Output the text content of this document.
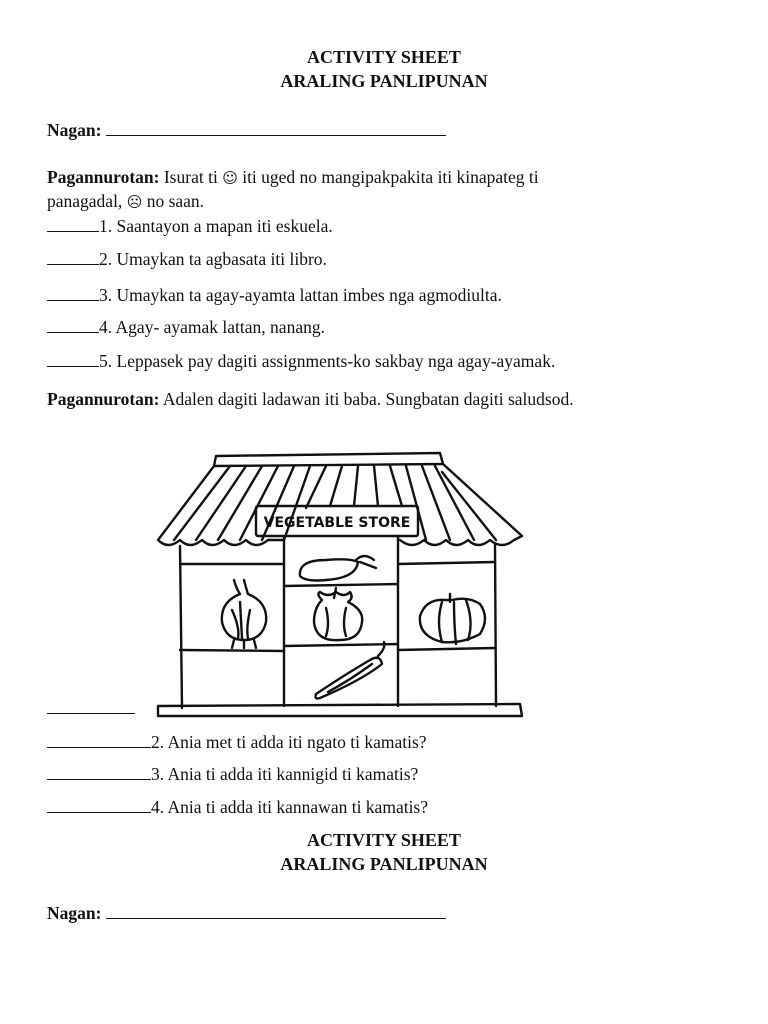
ACTIVITY SHEET
ARALING PANLIPUNAN
Nagan:
Pagannurotan: Isurat ti ☺ iti uged no mangipakpakita iti kinapateg ti
panagadal, ☹ no saan.
1. Saantayon a mapan iti eskuela.
2. Umaykan ta agbasata iti libro.
3. Umaykan ta agay-ayamta lattan imbes nga agmodiulta.
4. Agay- ayamak lattan, nanang.
5. Leppasek pay dagiti assignments-ko sakbay nga agay-ayamak.
Pagannurotan: Adalen dagiti ladawan iti baba. Sungbatan dagiti saludsod.
VEGETABLE STORE
2. Ania met ti adda iti ngato ti kamatis?
3. Ania ti adda iti kannigid ti kamatis?
4. Ania ti adda iti kannawan ti kamatis?
ACTIVITY SHEET
ARALING PANLIPUNAN
Nagan:
